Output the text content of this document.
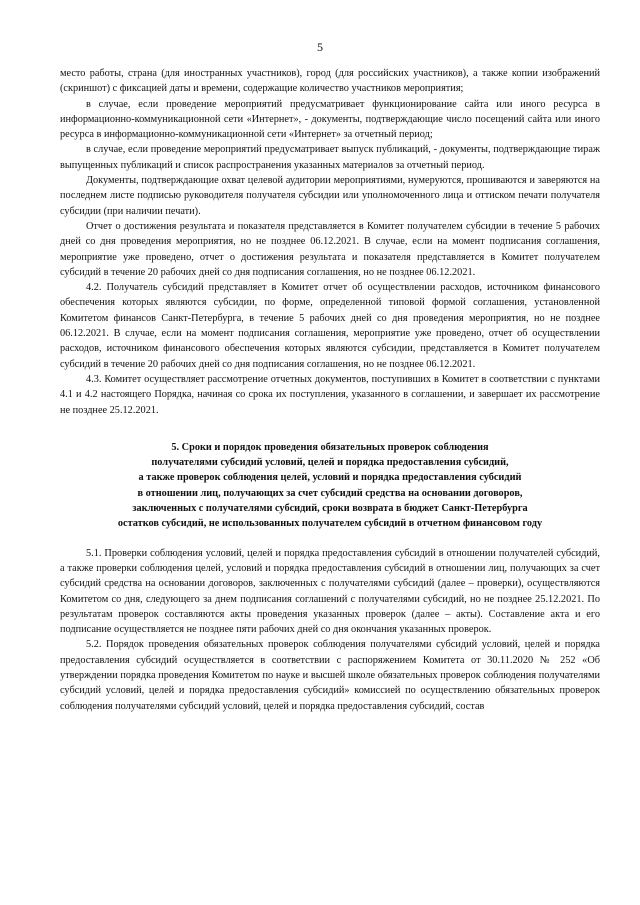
5

место работы, страна (для иностранных участников), город (для российских участников), а также копии изображений (скриншот) с фиксацией даты и времени, содержащие количество участников мероприятия;

в случае, если проведение мероприятий предусматривает функционирование сайта или иного ресурса в информационно-коммуникационной сети «Интернет», - документы, подтверждающие число посещений сайта или иного ресурса в информационно-коммуникационной сети «Интернет» за отчетный период;

в случае, если проведение мероприятий предусматривает выпуск публикаций, - документы, подтверждающие тираж выпущенных публикаций и список распространения указанных материалов за отчетный период.

Документы, подтверждающие охват целевой аудитории мероприятиями, нумеруются, прошиваются и заверяются на последнем листе подписью руководителя получателя субсидии или уполномоченного лица и оттиском печати получателя субсидии (при наличии печати).

Отчет о достижения результата и показателя представляется в Комитет получателем субсидии в течение 5 рабочих дней со дня проведения мероприятия, но не позднее 06.12.2021. В случае, если на момент подписания соглашения, мероприятие уже проведено, отчет о достижения результата и показателя представляется в Комитет получателем субсидий в течение 20 рабочих дней со дня подписания соглашения, но не позднее 06.12.2021.

4.2. Получатель субсидий представляет в Комитет отчет об осуществлении расходов, источником финансового обеспечения которых являются субсидии, по форме, определенной типовой формой соглашения, установленной Комитетом финансов Санкт-Петербурга, в течение 5 рабочих дней со дня проведения мероприятия, но не позднее 06.12.2021. В случае, если на момент подписания соглашения, мероприятие уже проведено, отчет об осуществлении расходов, источником финансового обеспечения которых являются субсидии, представляется в Комитет получателем субсидий в течение 20 рабочих дней со дня подписания соглашения, но не позднее 06.12.2021.

4.3. Комитет осуществляет рассмотрение отчетных документов, поступивших в Комитет в соответствии с пунктами 4.1 и 4.2 настоящего Порядка, начиная со срока их поступления, указанного в соглашении, и завершает их рассмотрение не позднее 25.12.2021.

5. Сроки и порядок проведения обязательных проверок соблюдения

получателями субсидий условий, целей и порядка предоставления субсидий,

а также проверок соблюдения целей, условий и порядка предоставления субсидий

в отношении лиц, получающих за счет субсидий средства на основании договоров,

заключенных с получателями субсидий, сроки возврата в бюджет Санкт-Петербурга

остатков субсидий, не использованных получателем субсидий в отчетном финансовом году

5.1. Проверки соблюдения условий, целей и порядка предоставления субсидий в отношении получателей субсидий, а также проверки соблюдения целей, условий и порядка предоставления субсидий в отношении лиц, получающих за счет субсидий средства на основании договоров, заключенных с получателями субсидий (далее – проверки), осуществляются Комитетом со дня, следующего за днем подписания соглашений с получателями субсидий, но не позднее 25.12.2021. По результатам проверок составляются акты проведения указанных проверок (далее – акты). Составление акта и его подписание осуществляется не позднее пяти рабочих дней со дня окончания указанных проверок.

5.2. Порядок проведения обязательных проверок соблюдения получателями субсидий условий, целей и порядка предоставления субсидий осуществляется в соответствии с распоряжением Комитета от 30.11.2020 № 252 «Об утверждении порядка проведения Комитетом по науке и высшей школе обязательных проверок соблюдения получателями субсидий условий, целей и порядка предоставления субсидий» комиссией по осуществлению обязательных проверок соблюдения получателями субсидий условий, целей и порядка предоставления субсидий, состав
